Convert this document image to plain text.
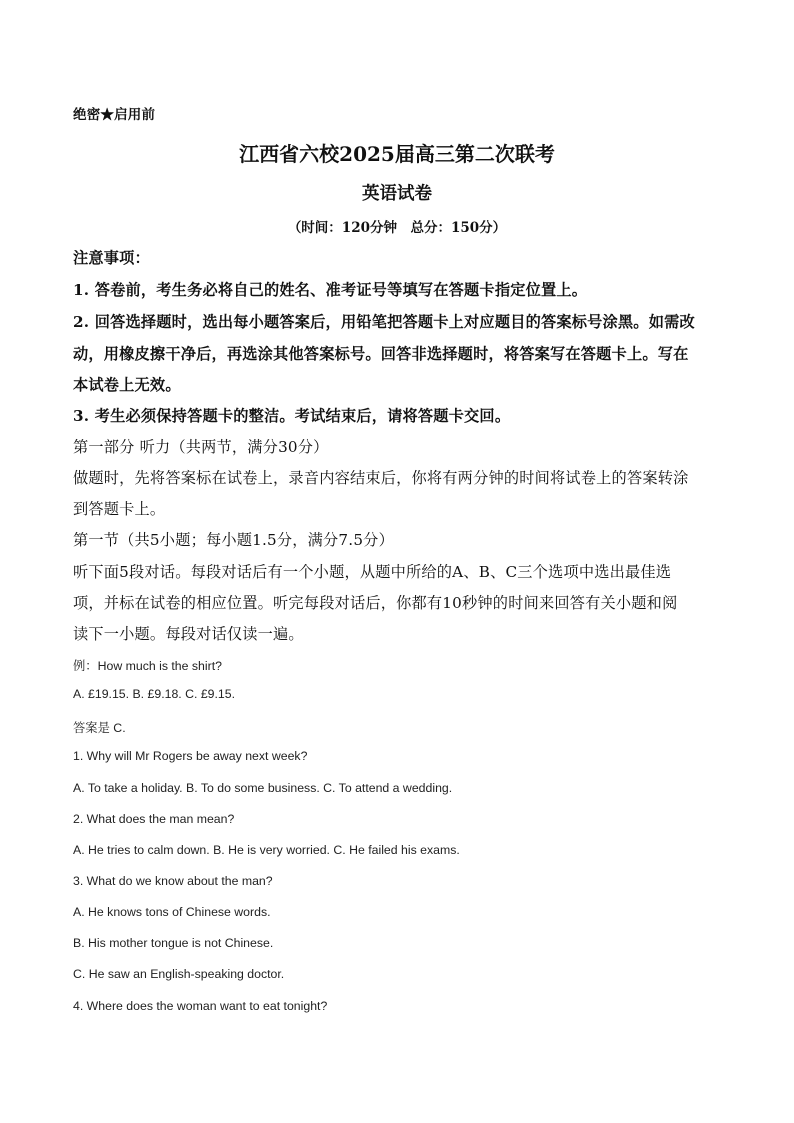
绝密★启用前
江西省六校2025届高三第二次联考
英语试卷
（时间：120分钟　总分：150分）
注意事项：
1. 答卷前，考生务必将自己的姓名、准考证号等填写在答题卡指定位置上。
2. 回答选择题时，选出每小题答案后，用铅笔把答题卡上对应题目的答案标号涂黑。如需改
动，用橡皮擦干净后，再选涂其他答案标号。回答非选择题时，将答案写在答题卡上。写在
本试卷上无效。
3. 考生必须保持答题卡的整洁。考试结束后，请将答题卡交回。
第一部分 听力（共两节，满分30分）
做题时，先将答案标在试卷上，录音内容结束后，你将有两分钟的时间将试卷上的答案转涂
到答题卡上。
第一节（共5小题；每小题1.5分，满分7.5分）
听下面5段对话。每段对话后有一个小题，从题中所给的A、B、C三个选项中选出最佳选
项，并标在试卷的相应位置。听完每段对话后，你都有10秒钟的时间来回答有关小题和阅
读下一小题。每段对话仅读一遍。
例：How much is the shirt?
A. £19.15. B. £9.18. C. £9.15.
答案是 C.
1. Why will Mr Rogers be away next week?
A. To take a holiday. B. To do some business. C. To attend a wedding.
2. What does the man mean?
A. He tries to calm down. B. He is very worried. C. He failed his exams.
3. What do we know about the man?
A. He knows tons of Chinese words.
B. His mother tongue is not Chinese.
C. He saw an English-speaking doctor.
4. Where does the woman want to eat tonight?
